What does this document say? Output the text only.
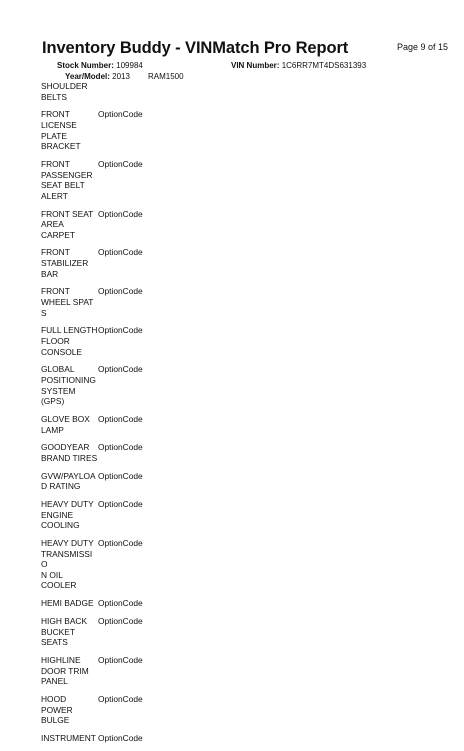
Inventory Buddy - VINMatch Pro Report	Page 9 of 15
Stock Number: 109984	VIN Number: 1C6RR7MT4DS631393
Year/Model: 2013 RAM1500
SHOULDER
BELTS
FRONT
LICENSE
PLATE
BRACKET
OptionCode
FRONT
PASSENGER
SEAT BELT
ALERT
OptionCode
FRONT SEAT
AREA
CARPET
OptionCode
FRONT
STABILIZER
BAR
OptionCode
FRONT
WHEEL SPATS
OptionCode
FULL LENGTH
FLOOR
CONSOLE
OptionCode
GLOBAL
POSITIONING
SYSTEM
(GPS)
OptionCode
GLOVE BOX
LAMP
OptionCode
GOODYEAR
BRAND TIRES
OptionCode
GVW/PAYLOA
D RATING
OptionCode
HEAVY DUTY
ENGINE
COOLING
OptionCode
HEAVY DUTY
TRANSMISSIO
N OIL
COOLER
OptionCode
HEMI BADGE OptionCode
HIGH BACK
BUCKET
SEATS
OptionCode
HIGHLINE
DOOR TRIM
PANEL
OptionCode
HOOD
POWER
BULGE
OptionCode
INSTRUMENT OptionCode
